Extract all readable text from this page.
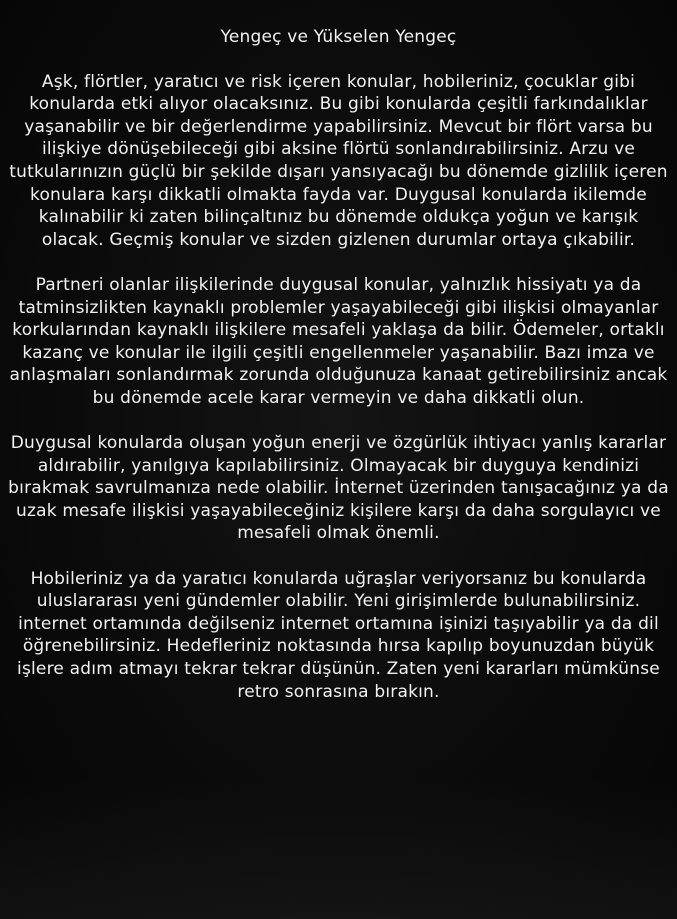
Yengeç ve Yükselen Yengeç
Aşk, flörtler, yaratıcı ve risk içeren konular, hobileriniz, çocuklar gibi konularda etki alıyor olacaksınız. Bu gibi konularda çeşitli farkındalıklar yaşanabilir ve bir değerlendirme yapabilirsiniz. Mevcut bir flört varsa bu ilişkiye dönüşebileceği gibi aksine flörtü sonlandırabilirsiniz. Arzu ve tutkularınızın güçlü bir şekilde dışarı yansıyacağı bu dönemde gizlilik içeren konulara karşı dikkatli olmakta fayda var. Duygusal konularda ikilemde kalınabilir ki zaten bilinçaltınız bu dönemde oldukça yoğun ve karışık olacak. Geçmiş konular ve sizden gizlenen durumlar ortaya çıkabilir.
Partneri olanlar ilişkilerinde duygusal konular, yalnızlık hissiyatı ya da tatminsizlikten kaynaklı problemler yaşayabileceği gibi ilişkisi olmayanlar korkularından kaynaklı ilişkilere mesafeli yaklaşa da bilir. Ödemeler, ortaklı kazanç ve konular ile ilgili çeşitli engellenmeler yaşanabilir. Bazı imza ve anlaşmaları sonlandırmak zorunda olduğunuza kanaat getirebilirsiniz ancak bu dönemde acele karar vermeyin ve daha dikkatli olun.
Duygusal konularda oluşan yoğun enerji ve özgürlük ihtiyacı yanlış kararlar aldırabilir, yanılgıya kapılabilirsiniz. Olmayacak bir duyguya kendinizi bırakmak savrulmanıza nede olabilir. İnternet üzerinden tanışacağınız ya da uzak mesafe ilişkisi yaşayabileceğiniz kişilere karşı da daha sorgulayıcı ve mesafeli olmak önemli.
Hobileriniz ya da yaratıcı konularda uğraşlar veriyorsanız bu konularda uluslararası yeni gündemler olabilir. Yeni girişimlerde bulunabilirsiniz. internet ortamında değilseniz internet ortamına işinizi taşıyabilir ya da dil öğrenebilirsiniz. Hedefleriniz noktasında hırsa kapılıp boyunuzdan büyük işlere adım atmayı tekrar tekrar düşünün. Zaten yeni kararları mümkünse retro sonrasına bırakın.
